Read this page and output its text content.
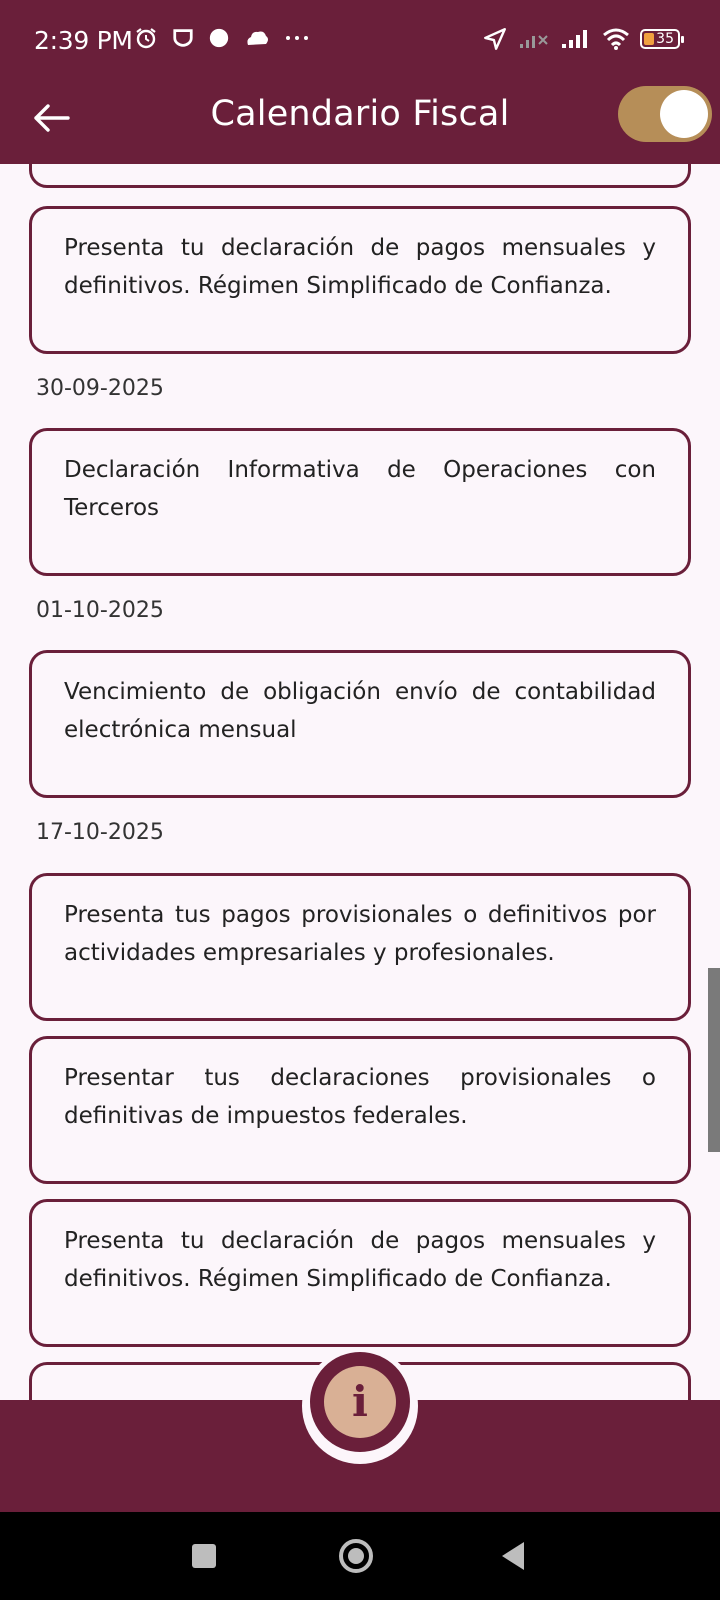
2:39 PM	35
Calendario Fiscal
Presenta tu declaración de pagos mensuales y definitivos. Régimen Simplificado de Confianza.
30-09-2025
Declaración Informativa de Operaciones con Terceros
01-10-2025
Vencimiento de obligación envío de contabilidad electrónica mensual
17-10-2025
Presenta tus pagos provisionales o definitivos por actividades empresariales y profesionales.
Presentar tus declaraciones provisionales o definitivas de impuestos federales.
Presenta tu declaración de pagos mensuales y definitivos. Régimen Simplificado de Confianza.
i
